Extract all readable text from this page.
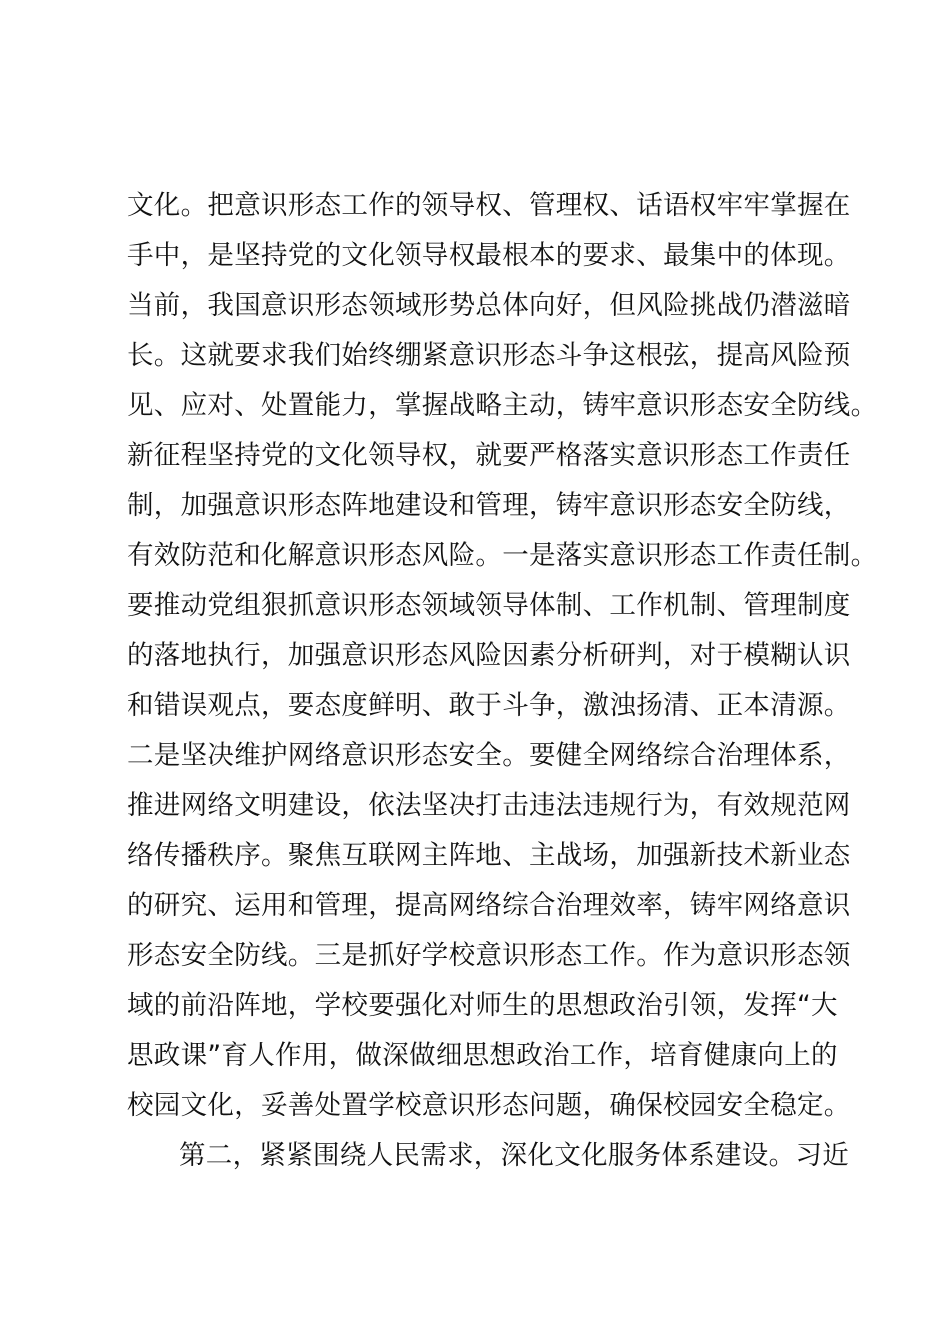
文化。把意识形态工作的领导权、管理权、话语权牢牢掌握在
手中，是坚持党的文化领导权最根本的要求、最集中的体现。
当前，我国意识形态领域形势总体向好，但风险挑战仍潜滋暗
长。这就要求我们始终绷紧意识形态斗争这根弦，提高风险预
见、应对、处置能力，掌握战略主动，铸牢意识形态安全防线。
新征程坚持党的文化领导权，就要严格落实意识形态工作责任
制，加强意识形态阵地建设和管理，铸牢意识形态安全防线，
有效防范和化解意识形态风险。一是落实意识形态工作责任制。
要推动党组狠抓意识形态领域领导体制、工作机制、管理制度
的落地执行，加强意识形态风险因素分析研判，对于模糊认识
和错误观点，要态度鲜明、敢于斗争，激浊扬清、正本清源。
二是坚决维护网络意识形态安全。要健全网络综合治理体系，
推进网络文明建设，依法坚决打击违法违规行为，有效规范网
络传播秩序。聚焦互联网主阵地、主战场，加强新技术新业态
的研究、运用和管理，提高网络综合治理效率，铸牢网络意识
形态安全防线。三是抓好学校意识形态工作。作为意识形态领
域的前沿阵地，学校要强化对师生的思想政治引领，发挥“大
思政课”育人作用，做深做细思想政治工作，培育健康向上的
校园文化，妥善处置学校意识形态问题，确保校园安全稳定。
第二，紧紧围绕人民需求，深化文化服务体系建设。习近
